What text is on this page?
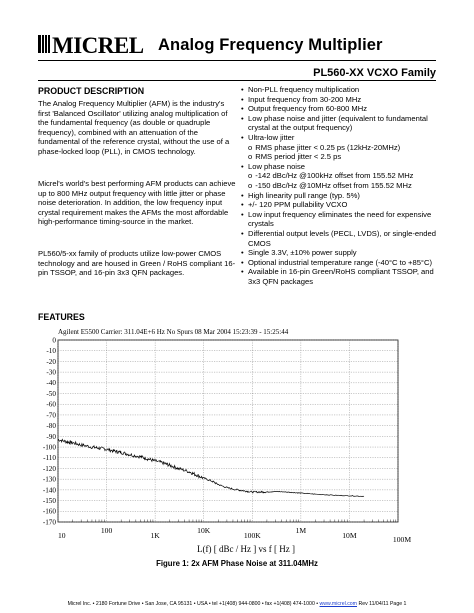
MICREL Analog Frequency Multiplier
PL560-XX VCXO Family
PRODUCT DESCRIPTION

The Analog Frequency Multiplier (AFM) is the industry's first 'Balanced Oscillator' utilizing analog multiplication of the fundamental frequency (as double or quadruple frequency), combined with an attenuation of the fundamental of the reference crystal, without the use of a phase-locked loop (PLL), in CMOS technology.

Micrel's world's best performing AFM products can achieve up to 800 MHz output frequency with little jitter or phase noise deterioration. In addition, the low frequency input crystal requirement makes the AFMs the most affordable high-performance timing-source in the market.

PL560/5-xx family of products utilize low-power CMOS technology and are housed in Green / RoHS compliant 16-pin TSSOP, and 16-pin 3x3 QFN packages.

• Non-PLL frequency multiplication
• Input frequency from 30-200 MHz
• Output frequency from 60-800 MHz
• Low phase noise and jitter (equivalent to fundamental crystal at the output frequency)
• Ultra-low jitter
o RMS phase jitter < 0.25 ps (12kHz-20MHz)
o RMS period jitter < 2.5 ps
• Low phase noise
o -142 dBc/Hz @100kHz offset from 155.52 MHz
o -150 dBc/Hz @10MHz offset from 155.52 MHz
• High linearity pull range (typ. 5%)
• +/- 120 PPM pullability VCXO
• Low input frequency eliminates the need for expensive crystals
• Differential output levels (PECL, LVDS), or single-ended CMOS
• Single 3.3V, ±10% power supply
• Optional industrial temperature range (-40°C to +85°C)
• Available in 16-pin Green/RoHS compliant TSSOP, and 3x3 QFN packages
FEATURES
Agilent E5500 Carrier: 311.04E+6 Hz No Spurs 08 Mar 2004 15:23:39 - 15:25:44
0
-10
-20
-30
-40
-50
-60
-70
-80
-90
-100
-110
-120
-130
-140
-150
-160
-170
10
100
1K
10K
100K
1M
10M	100M
L(f) [ dBc / Hz ] vs f [ Hz ]
Figure 1: 2x AFM Phase Noise at 311.04MHz
Micrel Inc. • 2180 Fortune Drive • San Jose, CA 95131 • USA • tel +1(408) 944-0800 • fax +1(408) 474-1000 • www.micrel.com Rev 11/04/11 Page 1
